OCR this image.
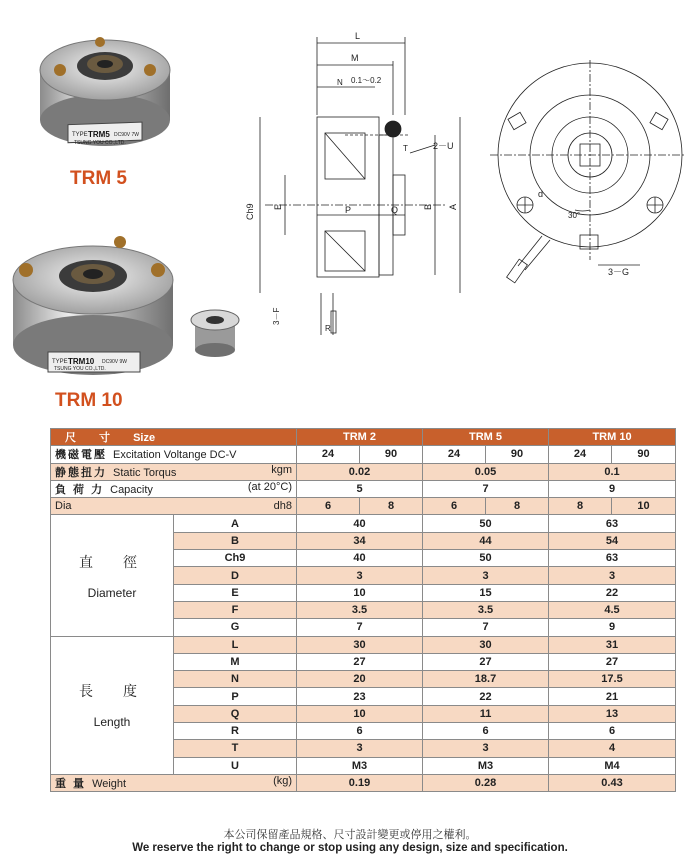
TYPE TRM5 DC90V 7W
TSUNG YOU CO.,LTD.
TRM 5
TYPE TRM10 DC90V 9W
TSUNG YOU CO.,LTD.
TRM 10
L
M
N 0.1～0.2
Ch9 E	P	Q	B A
2－U
T
3－F
R
d
30°
3－G
尺　寸 Size		TRM 2		TRM 5		TRM 10	
機磁電壓 Excitation Voltange DC-V		24	90	24	90	24	90
静態扭力 Static Torqus kgm		0.02		0.05		0.1	
負 荷 力 Capacity (at 20°C)		5		7		9	
Dia dh8		6	8	6	8	8	10

直　徑
Diameter	A	40		50		63	
	B	34		44		54	
	Ch9	40		50		63	
	D	3		3		3	
	E	10		15		22	
	F	3.5		3.5		4.5	
	G	7		7		9	

長　度
Length	L	30		30		31	
	M	27		27		27	
	N	20		18.7		17.5	
	P	23		22		21	
	Q	10		11		13	
	R	6		6		6	
	T	3		3		4	
	U	M3		M3		M4	
重 量 Weight (kg)		0.19		0.28		0.43	
本公司保留產品規格、尺寸設計變更或停用之權利。
We reserve the right to change or stop using any design, size and specification.
